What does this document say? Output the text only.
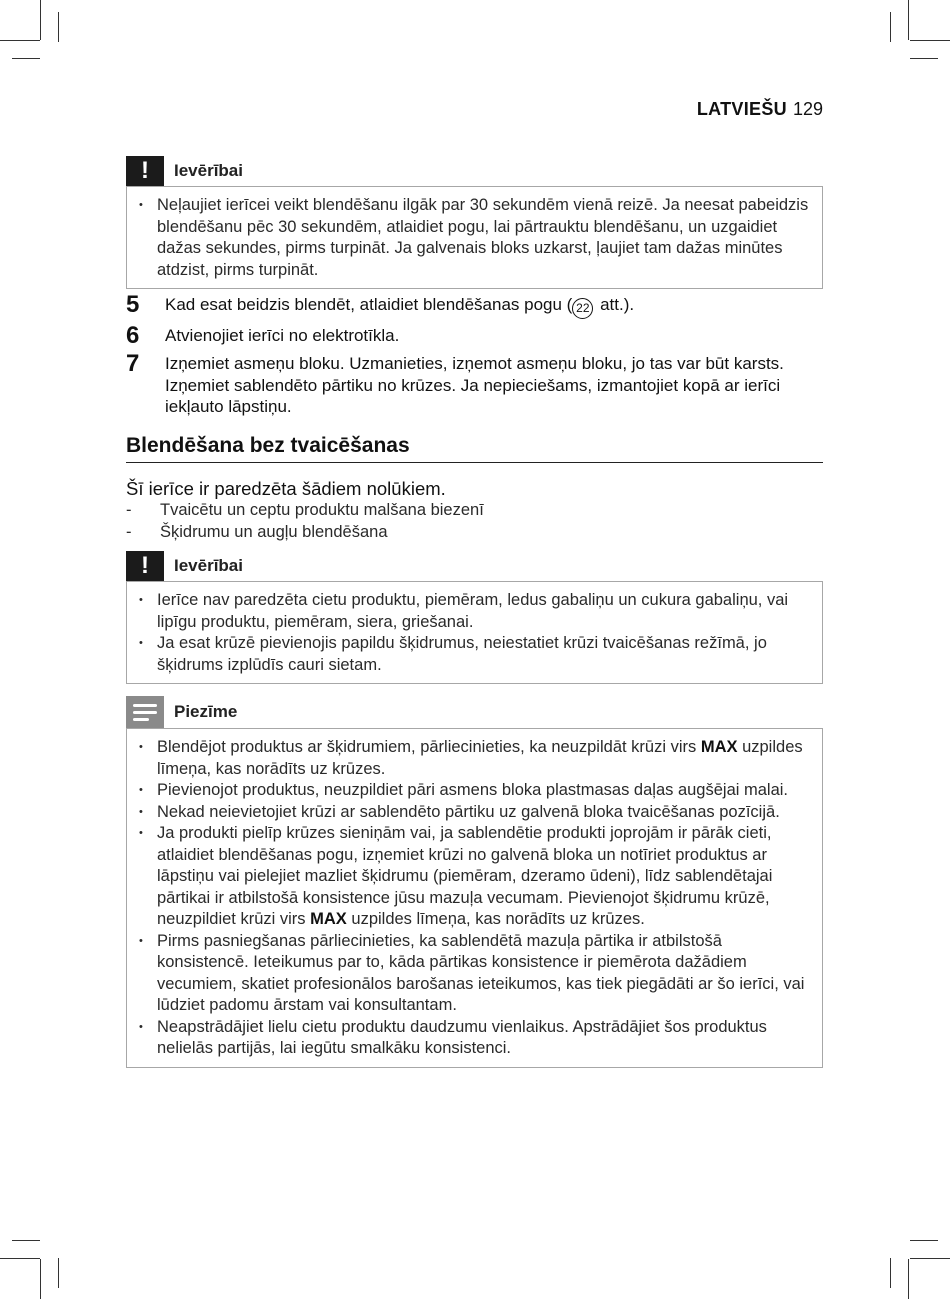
LATVIEŠU 129
!	Ievērībai
• Neļaujiet ierīcei veikt blendēšanu ilgāk par 30 sekundēm vienā reizē. Ja neesat pabeidzis blendēšanu pēc 30 sekundēm, atlaidiet pogu, lai pārtrauktu blendēšanu, un uzgaidiet dažas sekundes, pirms turpināt. Ja galvenais bloks uzkarst, ļaujiet tam dažas minūtes atdzist, pirms turpināt.
5	Kad esat beidzis blendēt, atlaidiet blendēšanas pogu ( 22 att.).
6	Atvienojiet ierīci no elektrotīkla.
7	Izņemiet asmeņu bloku. Uzmanieties, izņemot asmeņu bloku, jo tas var būt karsts. Izņemiet sablendēto pārtiku no krūzes. Ja nepieciešams, izmantojiet kopā ar ierīci iekļauto lāpstiņu.
Blendēšana bez tvaicēšanas
Šī ierīce ir paredzēta šādiem nolūkiem.
- Tvaicētu un ceptu produktu malšana biezenī
- Šķidrumu un augļu blendēšana
!	Ievērībai
• Ierīce nav paredzēta cietu produktu, piemēram, ledus gabaliņu un cukura gabaliņu, vai lipīgu produktu, piemēram, siera, griešanai.
• Ja esat krūzē pievienojis papildu šķidrumus, neiestatiet krūzi tvaicēšanas režīmā, jo šķidrums izplūdīs cauri sietam.
Piezīme
• Blendējot produktus ar šķidrumiem, pārliecinieties, ka neuzpildāt krūzi virs MAX uzpildes līmeņa, kas norādīts uz krūzes.
• Pievienojot produktus, neuzpildiet pāri asmens bloka plastmasas daļas augšējai malai.
• Nekad neievietojiet krūzi ar sablendēto pārtiku uz galvenā bloka tvaicēšanas pozīcijā.
• Ja produkti pielīp krūzes sieniņām vai, ja sablendētie produkti joprojām ir pārāk cieti, atlaidiet blendēšanas pogu, izņemiet krūzi no galvenā bloka un notīriet produktus ar lāpstiņu vai pielejiet mazliet šķidrumu (piemēram, dzeramo ūdeni), līdz sablendētajai pārtikai ir atbilstošā konsistence jūsu mazuļa vecumam. Pievienojot šķidrumu krūzē, neuzpildiet krūzi virs MAX uzpildes līmeņa, kas norādīts uz krūzes.
• Pirms pasniegšanas pārliecinieties, ka sablendētā mazuļa pārtika ir atbilstošā konsistencē. Ieteikumus par to, kāda pārtikas konsistence ir piemērota dažādiem vecumiem, skatiet profesionālos barošanas ieteikumos, kas tiek piegādāti ar šo ierīci, vai lūdziet padomu ārstam vai konsultantam.
• Neapstrādājiet lielu cietu produktu daudzumu vienlaikus. Apstrādājiet šos produktus nelielās partijās, lai iegūtu smalkāku konsistenci.
